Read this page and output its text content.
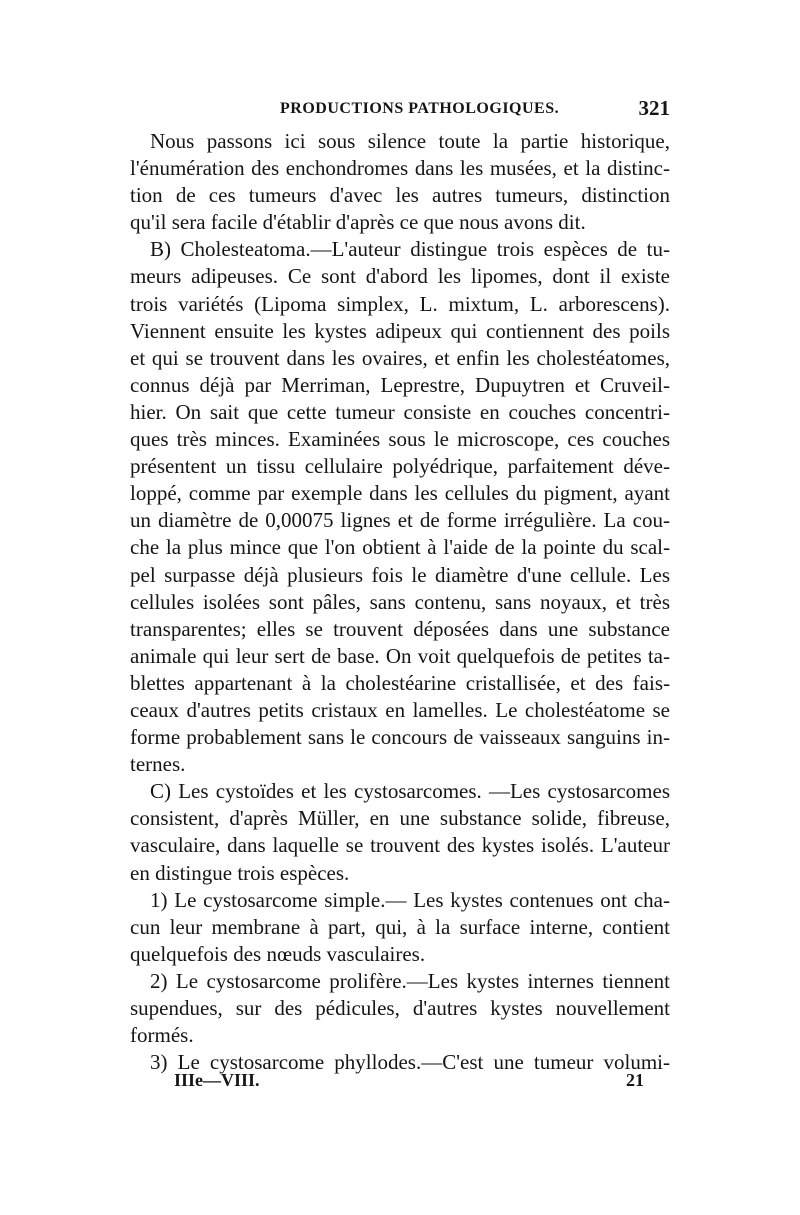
PRODUCTIONS PATHOLOGIQUES.	321
Nous passons ici sous silence toute la partie historique,
l'énumération des enchondromes dans les musées, et la distinc-
tion de ces tumeurs d'avec les autres tumeurs, distinction
qu'il sera facile d'établir d'après ce que nous avons dit.
B) Cholesteatoma.—L'auteur distingue trois espèces de tu-
meurs adipeuses. Ce sont d'abord les lipomes, dont il existe
trois variétés (Lipoma simplex, L. mixtum, L. arborescens).
Viennent ensuite les kystes adipeux qui contiennent des poils
et qui se trouvent dans les ovaires, et enfin les cholestéatomes,
connus déjà par Merriman, Leprestre, Dupuytren et Cruveil-
hier. On sait que cette tumeur consiste en couches concentri-
ques très minces. Examinées sous le microscope, ces couches
présentent un tissu cellulaire polyédrique, parfaitement déve-
loppé, comme par exemple dans les cellules du pigment, ayant
un diamètre de 0,00075 lignes et de forme irrégulière. La cou-
che la plus mince que l'on obtient à l'aide de la pointe du scal-
pel surpasse déjà plusieurs fois le diamètre d'une cellule. Les
cellules isolées sont pâles, sans contenu, sans noyaux, et très
transparentes; elles se trouvent déposées dans une substance
animale qui leur sert de base. On voit quelquefois de petites ta-
blettes appartenant à la cholestéarine cristallisée, et des fais-
ceaux d'autres petits cristaux en lamelles. Le cholestéatome se
forme probablement sans le concours de vaisseaux sanguins in-
ternes.
C) Les cystoïdes et les cystosarcomes. —Les cystosarcomes
consistent, d'après Müller, en une substance solide, fibreuse,
vasculaire, dans laquelle se trouvent des kystes isolés. L'auteur
en distingue trois espèces.
1) Le cystosarcome simple.— Les kystes contenues ont cha-
cun leur membrane à part, qui, à la surface interne, contient
quelquefois des nœuds vasculaires.
2) Le cystosarcome prolifère.—Les kystes internes tiennent
supendues, sur des pédicules, d'autres kystes nouvellement
formés.
3) Le cystosarcome phyllodes.—C'est une tumeur volumi-
IIIe—VIII.	21
